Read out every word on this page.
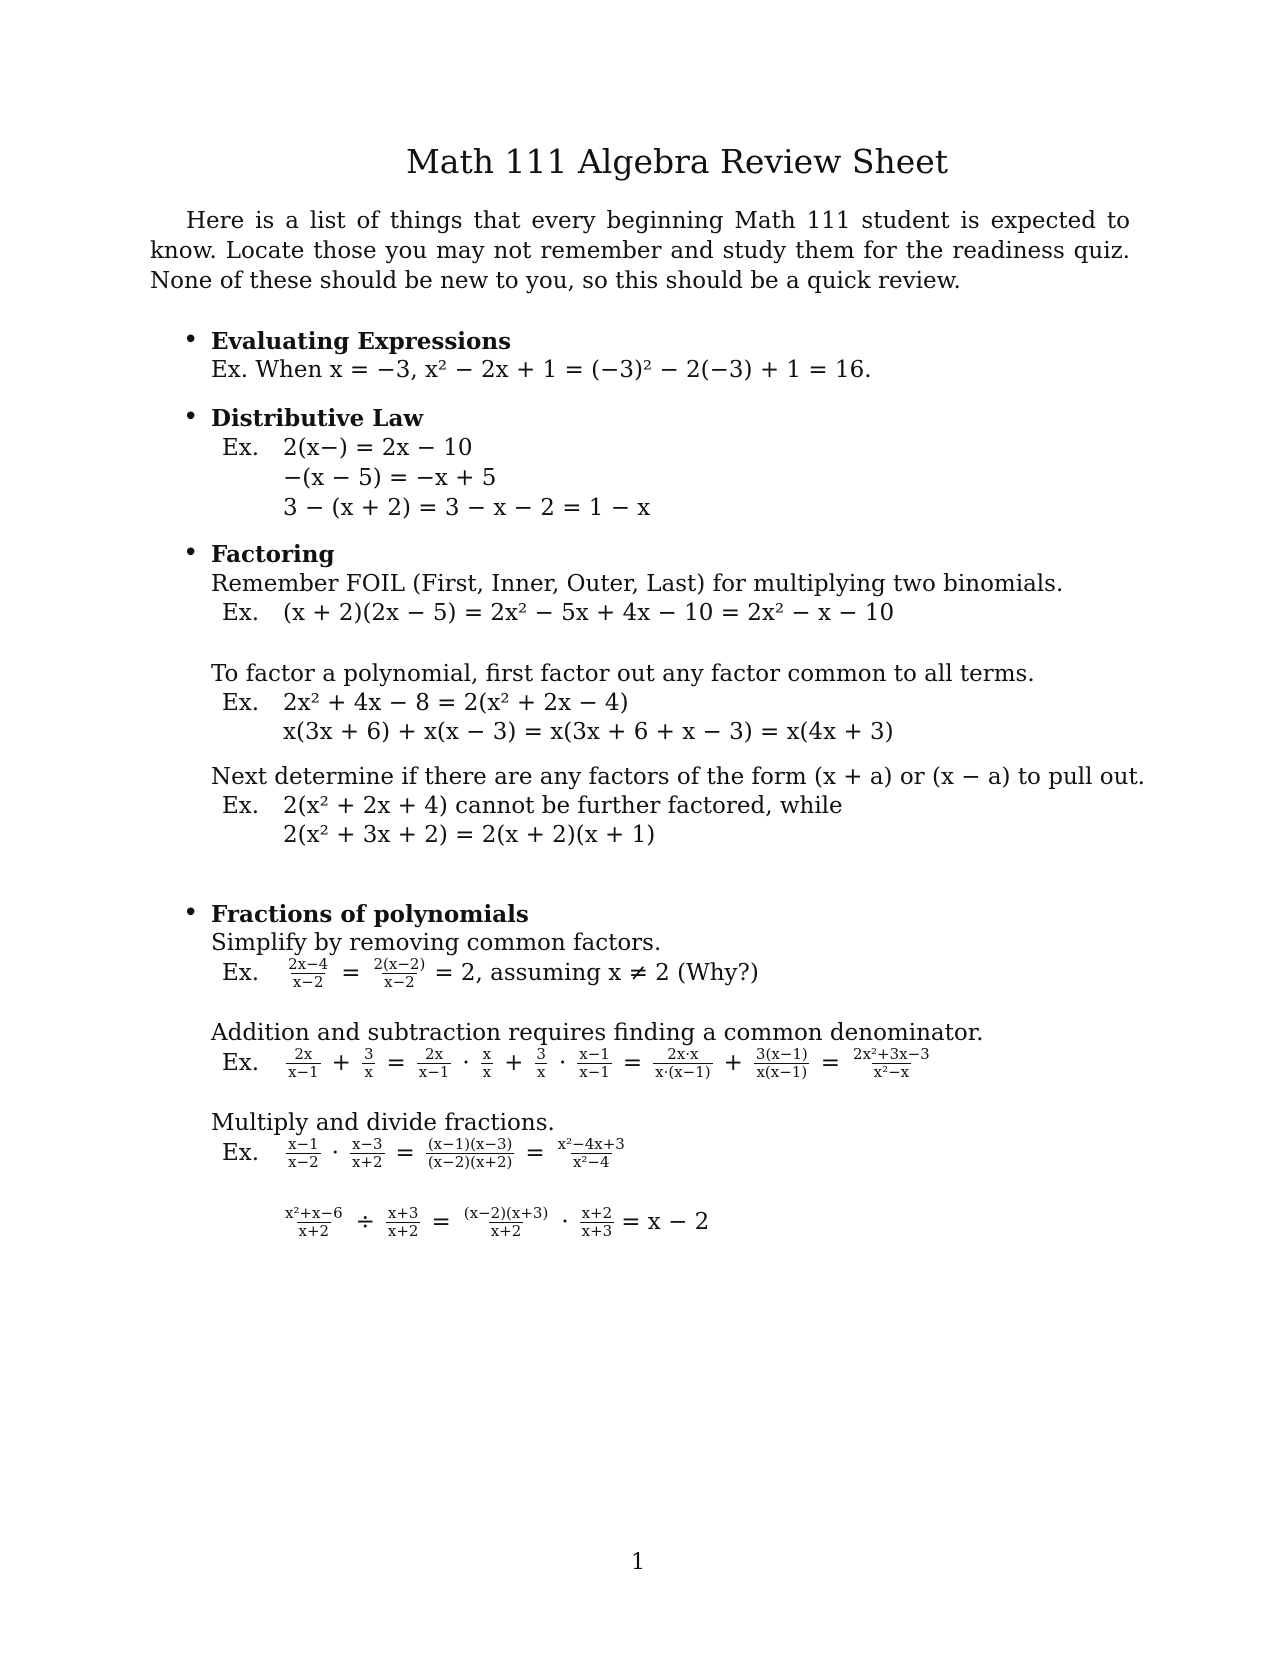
Math 111 Algebra Review Sheet

Here is a list of things that every beginning Math 111 student is expected to know. Locate those you may not remember and study them for the readiness quiz. None of these should be new to you, so this should be a quick review.

• Evaluating Expressions
Ex. When x = −3, x² − 2x + 1 = (−3)² − 2(−3) + 1 = 16.
• Distributive Law
Ex. 2(x−) = 2x − 10
−(x − 5) = −x + 5
3 − (x + 2) = 3 − x − 2 = 1 − x
• Factoring
Remember FOIL (First, Inner, Outer, Last) for multiplying two binomials.
Ex. (x + 2)(2x − 5) = 2x² − 5x + 4x − 10 = 2x² − x − 10
To factor a polynomial, first factor out any factor common to all terms.
Ex. 2x² + 4x − 8 = 2(x² + 2x − 4)
x(3x + 6) + x(x − 3) = x(3x + 6 + x − 3) = x(4x + 3)
Next determine if there are any factors of the form (x + a) or (x − a) to pull out.
Ex. 2(x² + 2x + 4) cannot be further factored, while
2(x² + 3x + 2) = 2(x + 2)(x + 1)
• Fractions of polynomials
Simplify by removing common factors.
Ex. $\frac{2x-4}{x-2} = \frac{2(x-2)}{x-2} = 2$, assuming x ≠ 2 (Why?)
Addition and subtraction requires finding a common denominator.
Ex. $\frac{2x}{x-1} + \frac{3}{x} = \frac{2x}{x-1} \cdot \frac{x}{x} + \frac{3}{x} \cdot \frac{x-1}{x-1} = \frac{2x\cdot x}{x\cdot(x-1)} + \frac{3(x-1)}{x(x-1)} = \frac{\text{2x²+3x−3}}{\text{x²−x}}$
Multiply and divide fractions.
Ex. $\frac{x-1}{x-2} \cdot \frac{x-3}{x+2} = \frac{(x-1)(x-3)}{(x-2)(x+2)} = \frac{\text{x²−4x+3}}{\text{x²−4}}$
$\frac{\text{x²+x−6}}{x+2} \div \frac{x+3}{x+2} = \frac{(x-2)(x+3)}{x+2} \cdot \frac{x+2}{x+3} = x - 2$
1
